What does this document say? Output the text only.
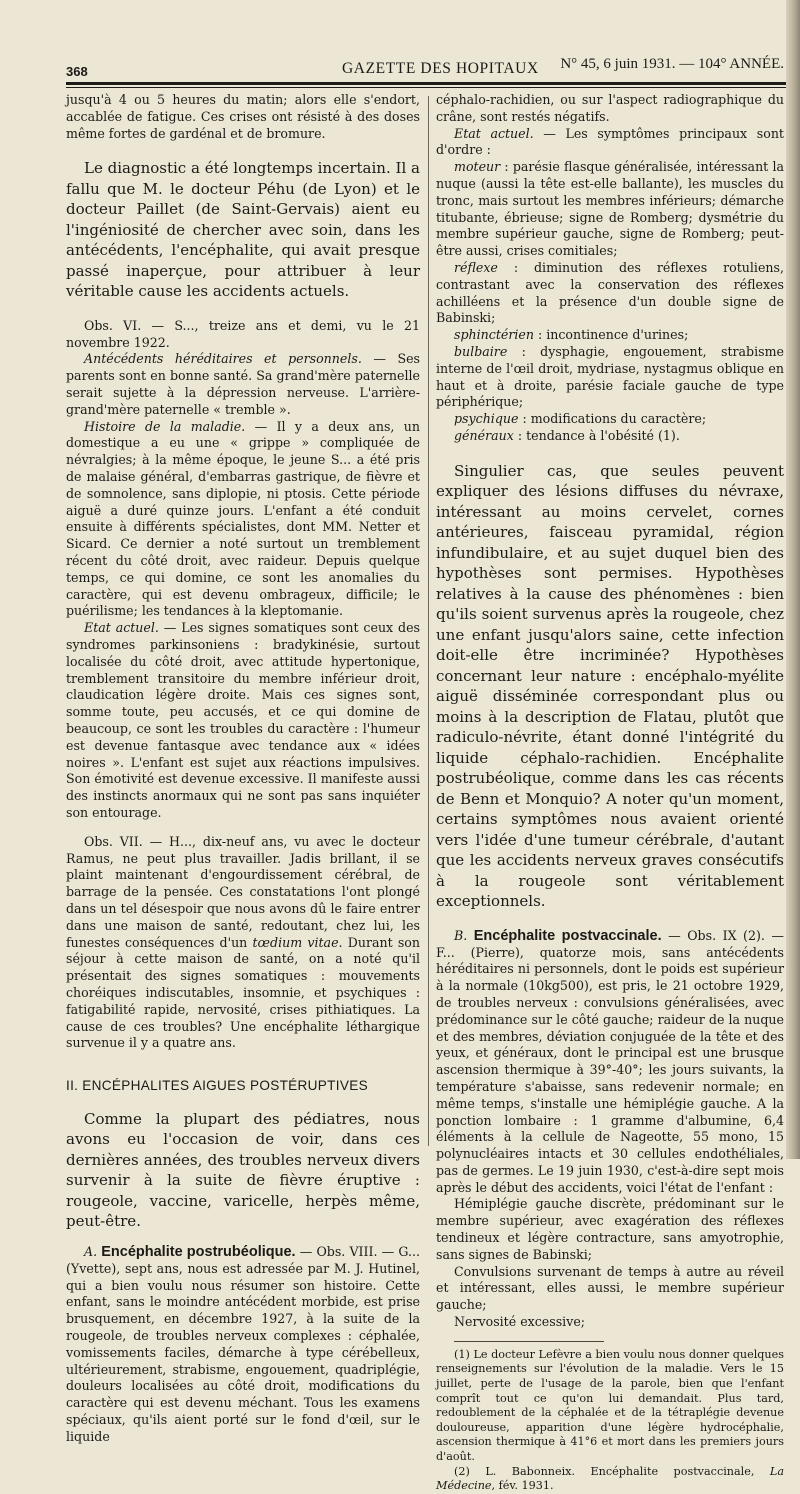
368	GAZETTE DES HOPITAUX N° 45, 6 juin 1931. — 104° ANNÉE.

jusqu'à 4 ou 5 heures du matin; alors elle s'endort, accablée de fatigue. Ces crises ont résisté à des doses même fortes de gardénal et de bromure.

Le diagnostic a été longtemps incertain. Il a fallu que M. le docteur Péhu (de Lyon) et le docteur Paillet (de Saint-Gervais) aient eu l'ingéniosité de chercher avec soin, dans les antécédents, l'encéphalite, qui avait presque passé inaperçue, pour attribuer à leur véritable cause les accidents actuels.

Obs. VI. — S..., treize ans et demi, vu le 21 novembre 1922.

Antécédents héréditaires et personnels. — Ses parents sont en bonne santé. Sa grand'mère paternelle serait sujette à la dépression nerveuse. L'arrière-grand'mère paternelle « tremble ».

Histoire de la maladie. — Il y a deux ans, un domestique a eu une « grippe » compliquée de névralgies; à la même époque, le jeune S... a été pris de malaise général, d'embarras gastrique, de fièvre et de somnolence, sans diplopie, ni ptosis. Cette période aiguë a duré quinze jours. L'enfant a été conduit ensuite à différents spécialistes, dont MM. Netter et Sicard. Ce dernier a noté surtout un tremblement récent du côté droit, avec raideur. Depuis quelque temps, ce qui domine, ce sont les anomalies du caractère, qui est devenu ombrageux, difficile; le puérilisme; les tendances à la kleptomanie.

Etat actuel. — Les signes somatiques sont ceux des syndromes parkinsoniens : bradykinésie, surtout localisée du côté droit, avec attitude hypertonique, tremblement transitoire du membre inférieur droit, claudication légère droite. Mais ces signes sont, somme toute, peu accusés, et ce qui domine de beaucoup, ce sont les troubles du caractère : l'humeur est devenue fantasque avec tendance aux « idées noires ». L'enfant est sujet aux réactions impulsives. Son émotivité est devenue excessive. Il manifeste aussi des instincts anormaux qui ne sont pas sans inquiéter son entourage.

Obs. VII. — H..., dix-neuf ans, vu avec le docteur Ramus, ne peut plus travailler. Jadis brillant, il se plaint maintenant d'engourdissement cérébral, de barrage de la pensée. Ces constatations l'ont plongé dans un tel désespoir que nous avons dû le faire entrer dans une maison de santé, redoutant, chez lui, les funestes conséquences d'un tœdium vitae. Durant son séjour à cette maison de santé, on a noté qu'il présentait des signes somatiques : mouvements choréiques indiscutables, insomnie, et psychiques : fatigabilité rapide, nervosité, crises pithiatiques. La cause de ces troubles? Une encéphalite léthargique survenue il y a quatre ans.

II. ENCÉPHALITES AIGUES POSTÉRUPTIVES

Comme la plupart des pédiatres, nous avons eu l'occasion de voir, dans ces dernières années, des troubles nerveux divers survenir à la suite de fièvre éruptive : rougeole, vaccine, varicelle, herpès même, peut-être.

A. Encéphalite postrubéolique. — Obs. VIII. — G... (Yvette), sept ans, nous est adressée par M. J. Hutinel, qui a bien voulu nous résumer son histoire. Cette enfant, sans le moindre antécédent morbide, est prise brusquement, en décembre 1927, à la suite de la rougeole, de troubles nerveux complexes : céphalée, vomissements faciles, démarche à type cérébelleux, ultérieurement, strabisme, engouement, quadriplégie, douleurs localisées au côté droit, modifications du caractère qui est devenu méchant. Tous les examens spéciaux, qu'ils aient porté sur le fond d'œil, sur le liquide

céphalo-rachidien, ou sur l'aspect radiographique du crâne, sont restés négatifs.

Etat actuel. — Les symptômes principaux sont d'ordre :

moteur : parésie flasque généralisée, intéressant la nuque (aussi la tête est-elle ballante), les muscles du tronc, mais surtout les membres inférieurs; démarche titubante, ébrieuse; signe de Romberg; dysmétrie du membre supérieur gauche, signe de Romberg; peut-être aussi, crises comitiales;

réflexe : diminution des réflexes rotuliens, contrastant avec la conservation des réflexes achilléens et la présence d'un double signe de Babinski;

sphinctérien : incontinence d'urines;

bulbaire : dysphagie, engouement, strabisme interne de l'œil droit, mydriase, nystagmus oblique en haut et à droite, parésie faciale gauche de type périphérique;

psychique : modifications du caractère;

généraux : tendance à l'obésité (1).

Singulier cas, que seules peuvent expliquer des lésions diffuses du névraxe, intéressant au moins cervelet, cornes antérieures, faisceau pyramidal, région infundibulaire, et au sujet duquel bien des hypothèses sont permises. Hypothèses relatives à la cause des phénomènes : bien qu'ils soient survenus après la rougeole, chez une enfant jusqu'alors saine, cette infection doit-elle être incriminée? Hypothèses concernant leur nature : encéphalo-myélite aiguë disséminée correspondant plus ou moins à la description de Flatau, plutôt que radiculo-névrite, étant donné l'intégrité du liquide céphalo-rachidien. Encéphalite postrubéolique, comme dans les cas récents de Benn et Monquio? A noter qu'un moment, certains symptômes nous avaient orienté vers l'idée d'une tumeur cérébrale, d'autant que les accidents nerveux graves consécutifs à la rougeole sont véritablement exceptionnels.

B. Encéphalite postvaccinale. — Obs. IX (2). — F... (Pierre), quatorze mois, sans antécédents héréditaires ni personnels, dont le poids est supérieur à la normale (10kg500), est pris, le 21 octobre 1929, de troubles nerveux : convulsions généralisées, avec prédominance sur le côté gauche; raideur de la nuque et des membres, déviation conjuguée de la tête et des yeux, et généraux, dont le principal est une brusque ascension thermique à 39°-40°; les jours suivants, la température s'abaisse, sans redevenir normale; en même temps, s'installe une hémiplégie gauche. A la ponction lombaire : 1 gramme d'albumine, 6,4 éléments à la cellule de Nageotte, 55 mono, 15 polynucléaires intacts et 30 cellules endothéliales, pas de germes. Le 19 juin 1930, c'est-à-dire sept mois après le début des accidents, voici l'état de l'enfant :

Hémiplégie gauche discrète, prédominant sur le membre supérieur, avec exagération des réflexes tendineux et légère contracture, sans amyotrophie, sans signes de Babinski;

Convulsions survenant de temps à autre au réveil et intéressant, elles aussi, le membre supérieur gauche;

Nervosité excessive;

(1) Le docteur Lefèvre a bien voulu nous donner quelques renseignements sur l'évolution de la maladie. Vers le 15 juillet, perte de l'usage de la parole, bien que l'enfant comprît tout ce qu'on lui demandait. Plus tard, redoublement de la céphalée et de la tétraplégie devenue douloureuse, apparition d'une légère hydrocéphalie, ascension thermique à 41°6 et mort dans les premiers jours d'août.

(2) L. Babonneix. Encéphalite postvaccinale, La Médecine, fév. 1931.
